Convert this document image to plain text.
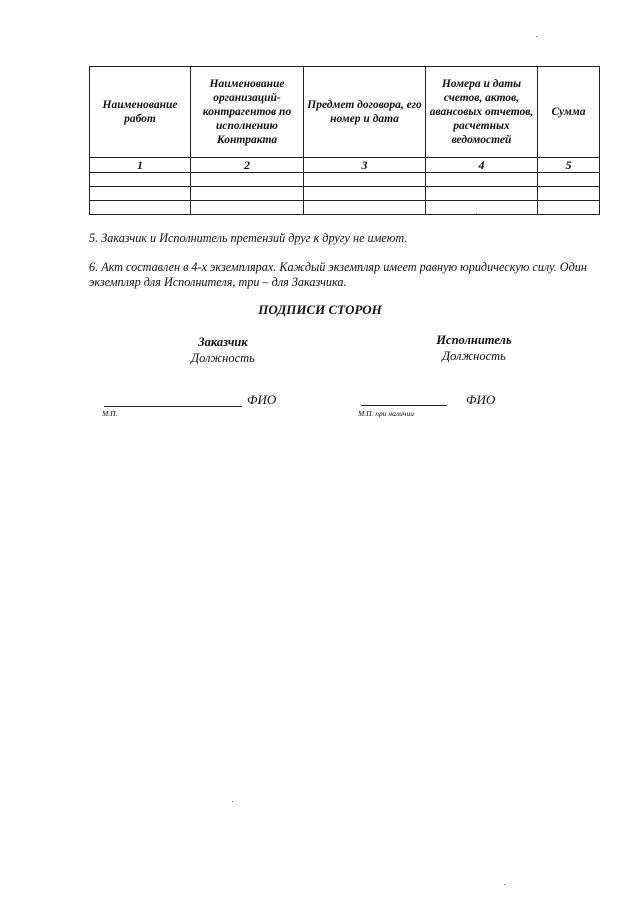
Наименование работ	Наименование организаций-контрагентов по исполнению Контракта	Предмет договора, его номер и дата	Номера и даты счетов, актов, авансовых отчетов, расчетных ведомостей	Сумма
1	2	3	4	5

5. Заказчик и Исполнитель претензий друг к другу не имеют.
6. Акт составлен в 4-х экземплярах. Каждый экземпляр имеет равную юридическую силу. Один экземпляр для Исполнителя, три – для Заказчика.
ПОДПИСИ СТОРОН
Заказчик
Должность
Исполнитель
Должность
ФИО
М.П.
ФИО
М.П. при наличии
